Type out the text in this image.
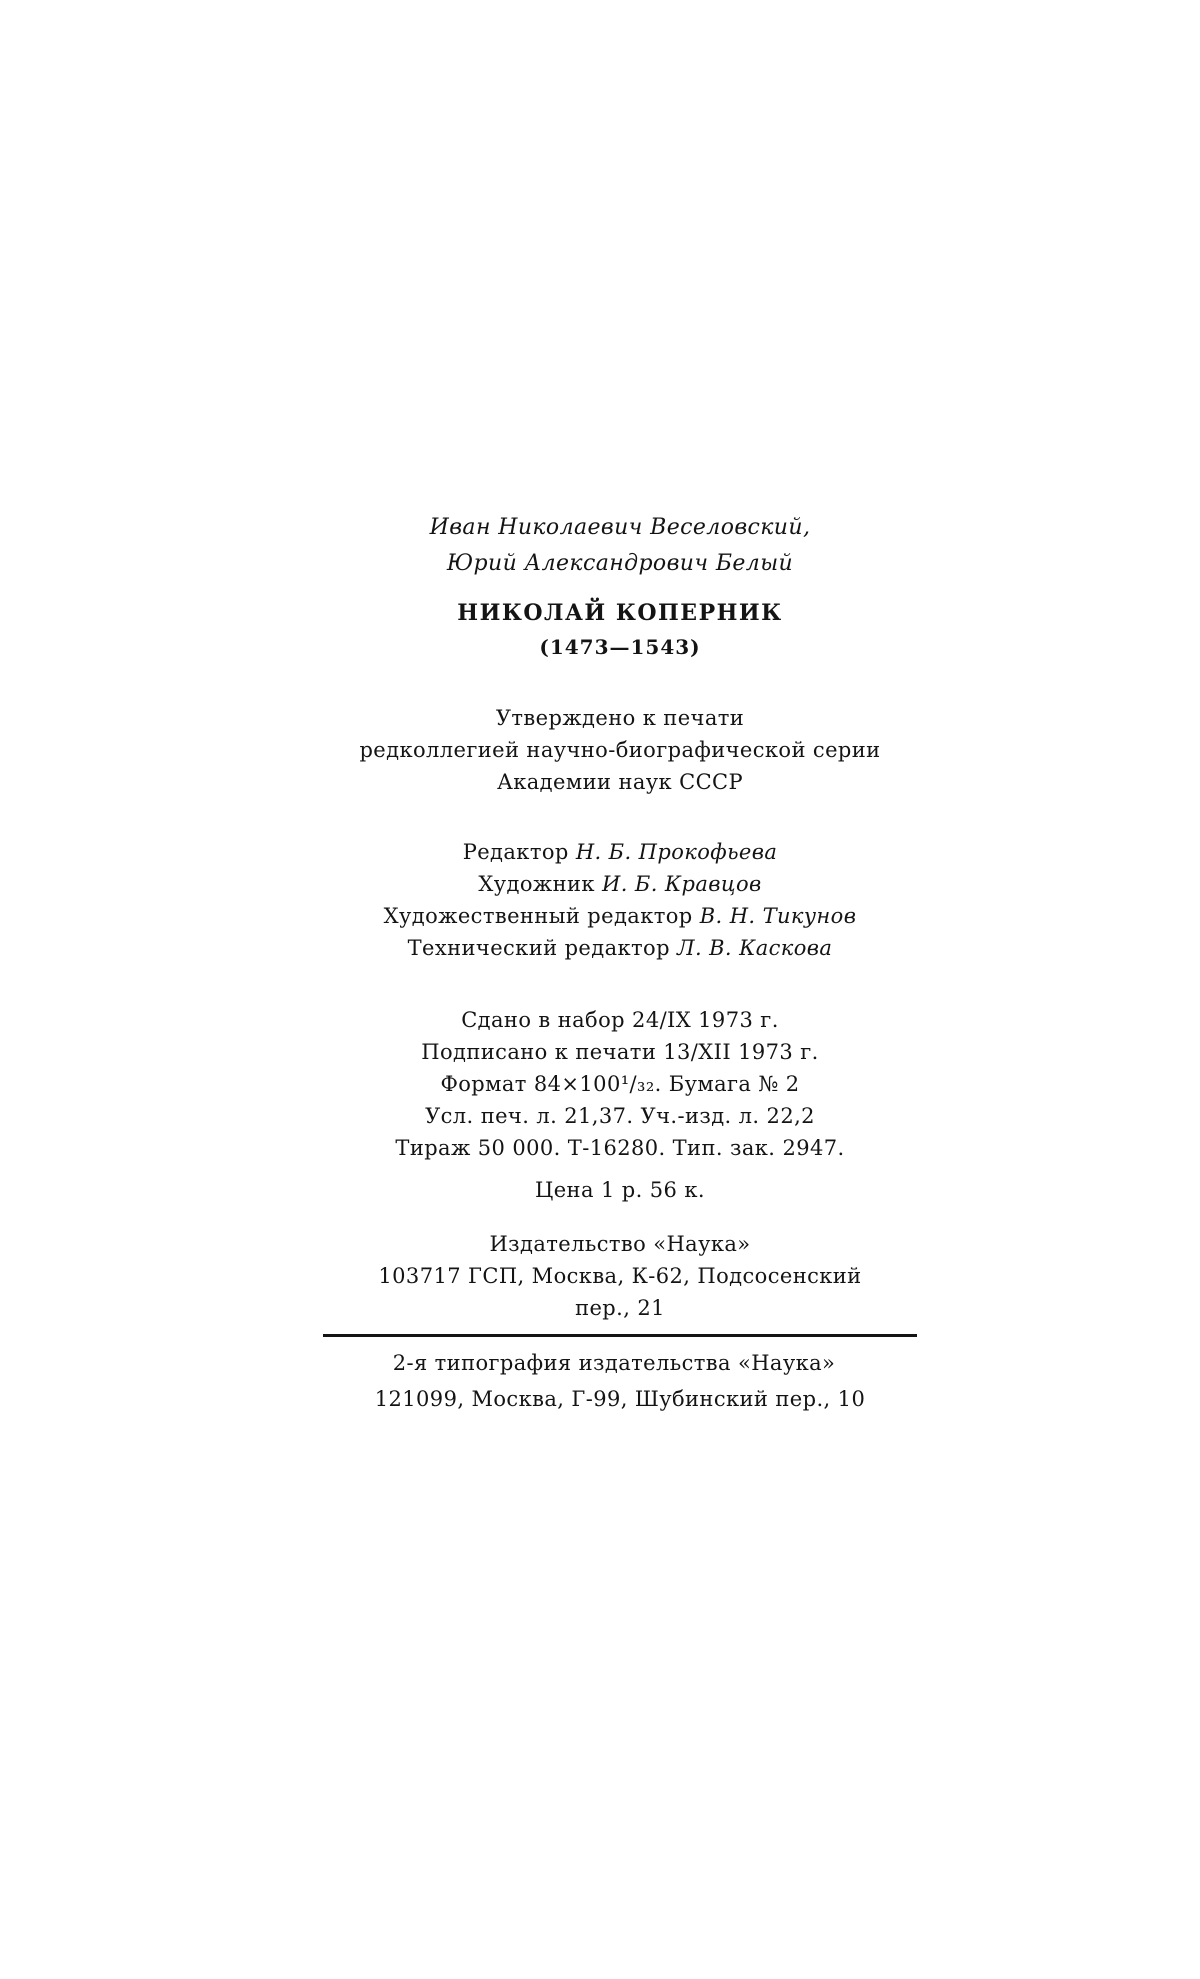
Иван Николаевич Веселовский,
Юрий Александрович Белый
НИКОЛАЙ КОПЕРНИК
(1473—1543)
Утверждено к печати
редколлегией научно-биографической серии
Академии наук СССР
Редактор Н. Б. Прокофьева
Художник И. Б. Кравцов
Художественный редактор В. Н. Тикунов
Технический редактор Л. В. Каскова
Сдано в набор 24/IX 1973 г.
Подписано к печати 13/XII 1973 г.
Формат 84×100¹/₃₂. Бумага № 2
Усл. печ. л. 21,37. Уч.-изд. л. 22,2
Тираж 50 000. Т-16280. Тип. зак. 2947.
Цена 1 р. 56 к.
Издательство «Наука»
103717 ГСП, Москва, К-62, Подсосенский
пер., 21
2-я типография издательства «Наука»
121099, Москва, Г-99, Шубинский пер., 10
